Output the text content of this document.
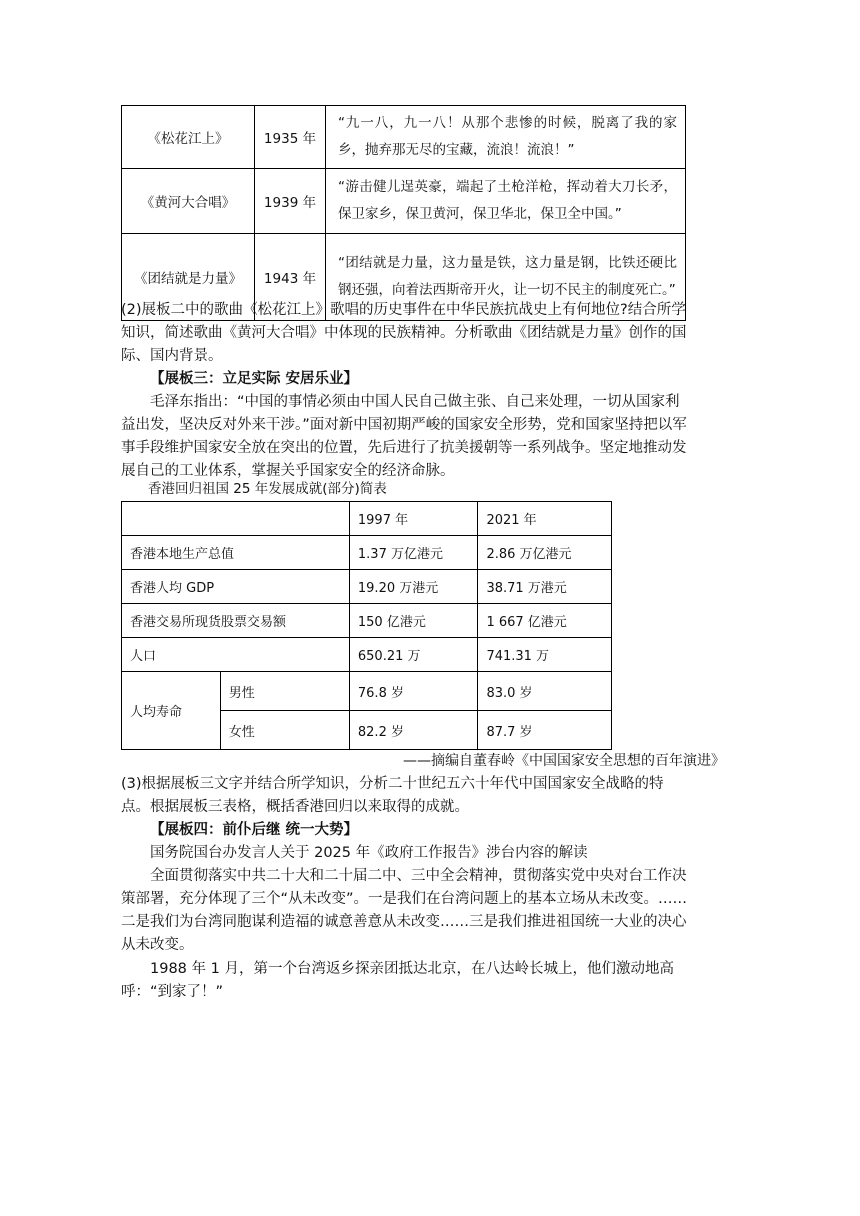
《松花江上》	1935 年	“九一八，九一八！从那个悲惨的时候，脱离了我的家乡，抛弃那无尽的宝藏，流浪！流浪！”
《黄河大合唱》	1939 年	“游击健儿逞英豪，端起了土枪洋枪，挥动着大刀长矛，保卫家乡，保卫黄河，保卫华北，保卫全中国。”
《团结就是力量》	1943 年	“团结就是力量，这力量是铁，这力量是钢，比铁还硬比钢还强，向着法西斯帝开火，让一切不民主的制度死亡。”
(2)展板二中的歌曲《松花江上》歌唱的历史事件在中华民族抗战史上有何地位?结合所学知识，简述歌曲《黄河大合唱》中体现的民族精神。分析歌曲《团结就是力量》创作的国际、国内背景。
【展板三：立足实际 安居乐业】
毛泽东指出：“中国的事情必须由中国人民自己做主张、自己来处理，一切从国家利益出发，坚决反对外来干涉。”面对新中国初期严峻的国家安全形势，党和国家坚持把以军事手段维护国家安全放在突出的位置，先后进行了抗美援朝等一系列战争。坚定地推动发展自己的工业体系，掌握关乎国家安全的经济命脉。
香港回归祖国 25 年发展成就(部分)简表
		1997 年	2021 年
香港本地生产总值		1.37 万亿港元	2.86 万亿港元
香港人均 GDP		19.20 万港元	38.71 万港元
香港交易所现货股票交易额		150 亿港元	1 667 亿港元
人口		650.21 万	741.31 万
人均寿命	男性	76.8 岁	83.0 岁
	女性	82.2 岁	87.7 岁
——摘编自董春岭《中国国家安全思想的百年演进》
(3)根据展板三文字并结合所学知识，分析二十世纪五六十年代中国国家安全战略的特点。根据展板三表格，概括香港回归以来取得的成就。
【展板四：前仆后继 统一大势】
国务院国台办发言人关于 2025 年《政府工作报告》涉台内容的解读
全面贯彻落实中共二十大和二十届二中、三中全会精神，贯彻落实党中央对台工作决策部署，充分体现了三个“从未改变”。一是我们在台湾问题上的基本立场从未改变。……二是我们为台湾同胞谋利造福的诚意善意从未改变……三是我们推进祖国统一大业的决心从未改变。
1988 年 1 月，第一个台湾返乡探亲团抵达北京，在八达岭长城上，他们激动地高呼：“到家了！”
